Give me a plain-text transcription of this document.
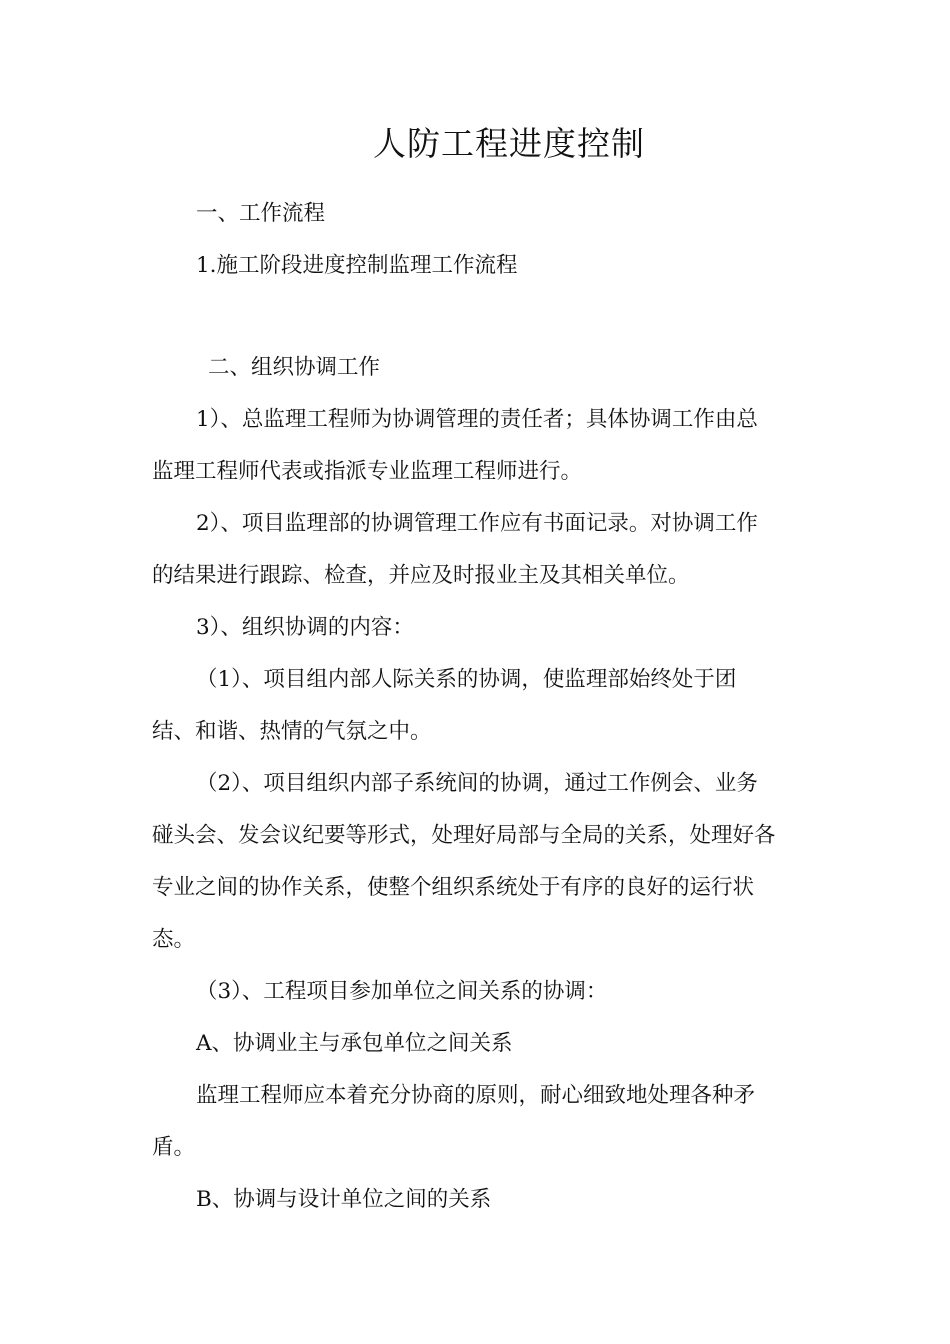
人防工程进度控制

一、工作流程

1.施工阶段进度控制监理工作流程

二、组织协调工作

1）、总监理工程师为协调管理的责任者；具体协调工作由总

监理工程师代表或指派专业监理工程师进行。

2）、项目监理部的协调管理工作应有书面记录。对协调工作

的结果进行跟踪、检查，并应及时报业主及其相关单位。

3）、组织协调的内容：

（1）、项目组内部人际关系的协调，使监理部始终处于团

结、和谐、热情的气氛之中。

（2）、项目组织内部子系统间的协调，通过工作例会、业务

碰头会、发会议纪要等形式，处理好局部与全局的关系，处理好各

专业之间的协作关系，使整个组织系统处于有序的良好的运行状

态。

（3）、工程项目参加单位之间关系的协调：

A、协调业主与承包单位之间关系

监理工程师应本着充分协商的原则，耐心细致地处理各种矛

盾。

B、协调与设计单位之间的关系
